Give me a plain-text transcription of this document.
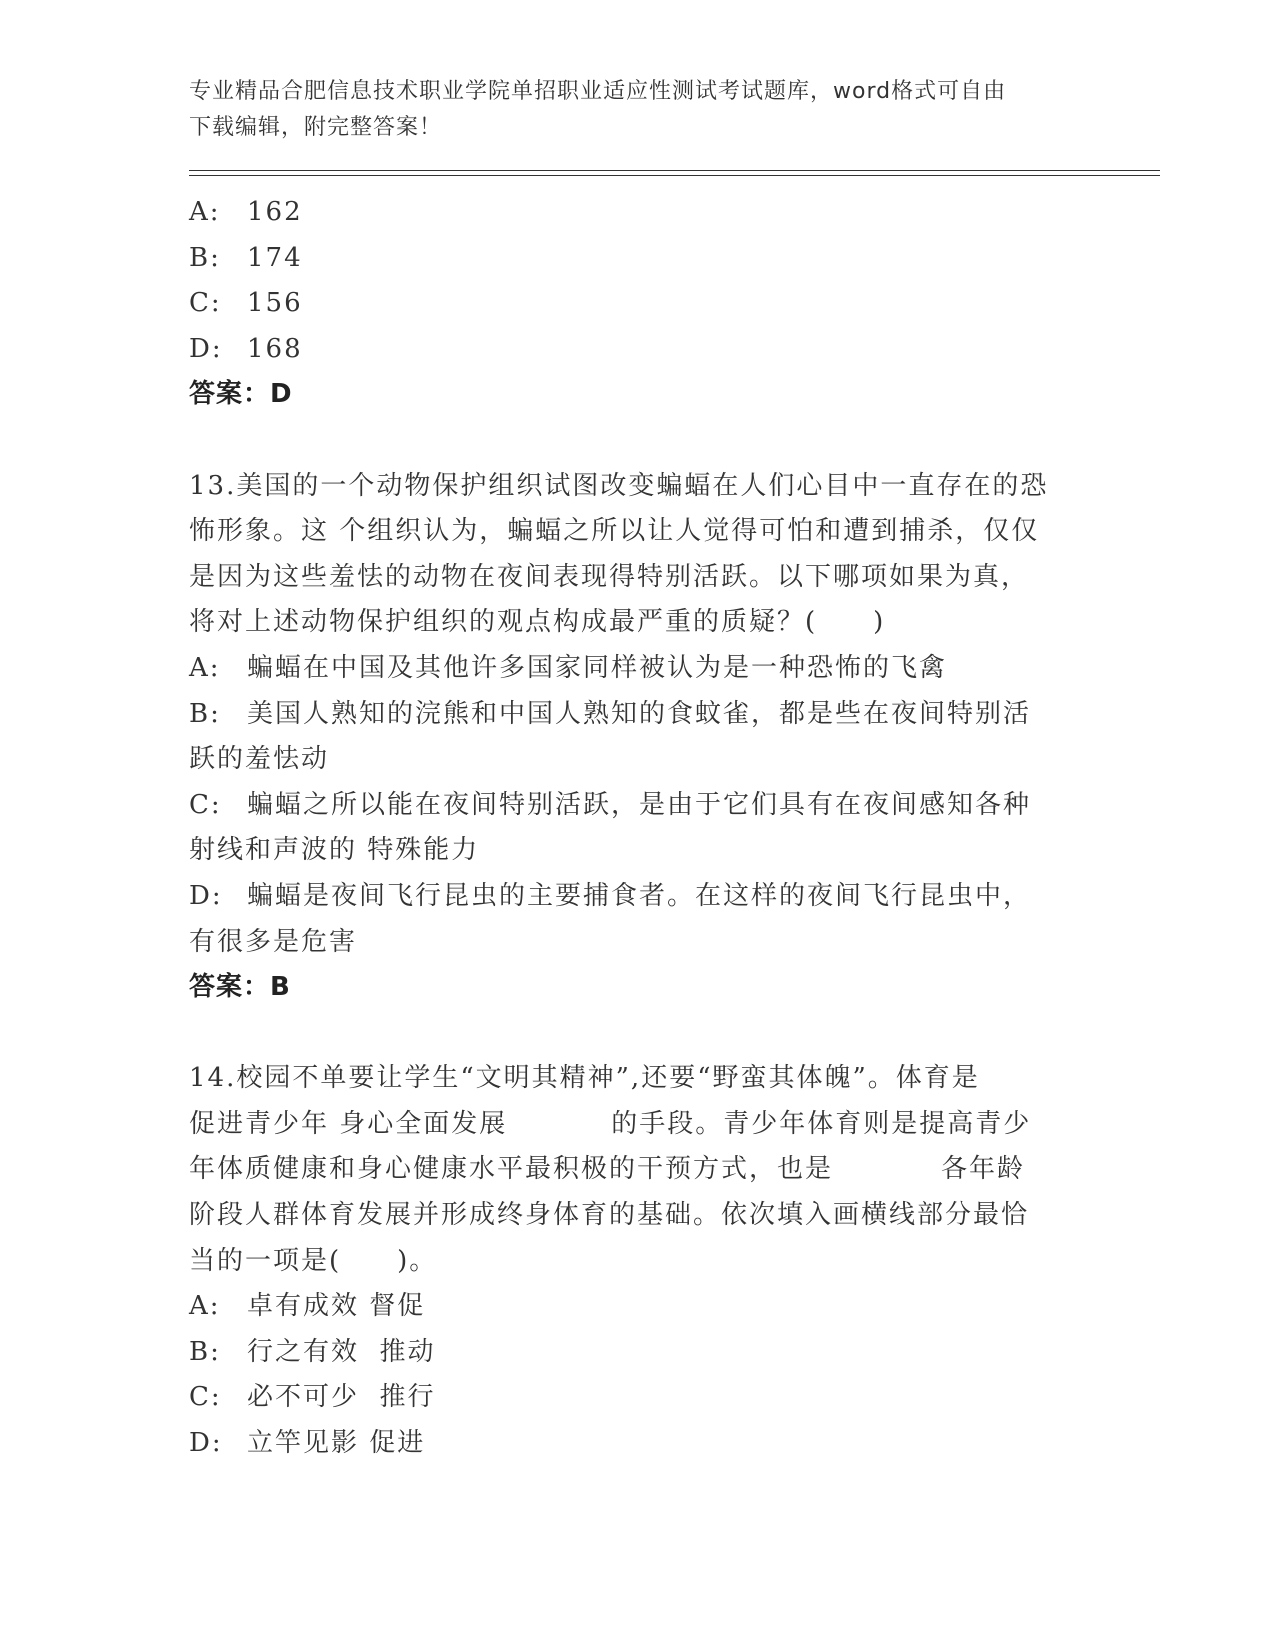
专业精品合肥信息技术职业学院单招职业适应性测试考试题库，word格式可自由
下载编辑，附完整答案！
A: 162
B: 174
C: 156
D: 168
答案：D
13.美国的一个动物保护组织试图改变蝙蝠在人们心目中一直存在的恐
怖形象。这 个组织认为，蝙蝠之所以让人觉得可怕和遭到捕杀，仅仅
是因为这些羞怯的动物在夜间表现得特别活跃。以下哪项如果为真，
将对上述动物保护组织的观点构成最严重的质疑？(　　)
A: 蝙蝠在中国及其他许多国家同样被认为是一种恐怖的飞禽
B: 美国人熟知的浣熊和中国人熟知的食蚊雀，都是些在夜间特别活
跃的羞怯动
C: 蝙蝠之所以能在夜间特别活跃，是由于它们具有在夜间感知各种
射线和声波的 特殊能力
D: 蝙蝠是夜间飞行昆虫的主要捕食者。在这样的夜间飞行昆虫中，
有很多是危害
答案：B
14.校园不单要让学生“文明其精神”,还要“野蛮其体魄”。体育是
促进青少年 身心全面发展	的手段。青少年体育则是提高青少
年体质健康和身心健康水平最积极的干预方式，也是	各年龄
阶段人群体育发展并形成终身体育的基础。依次填入画横线部分最恰
当的一项是(　　)。
A: 卓有成效 督促
B: 行之有效  推动
C: 必不可少  推行
D: 立竿见影 促进
